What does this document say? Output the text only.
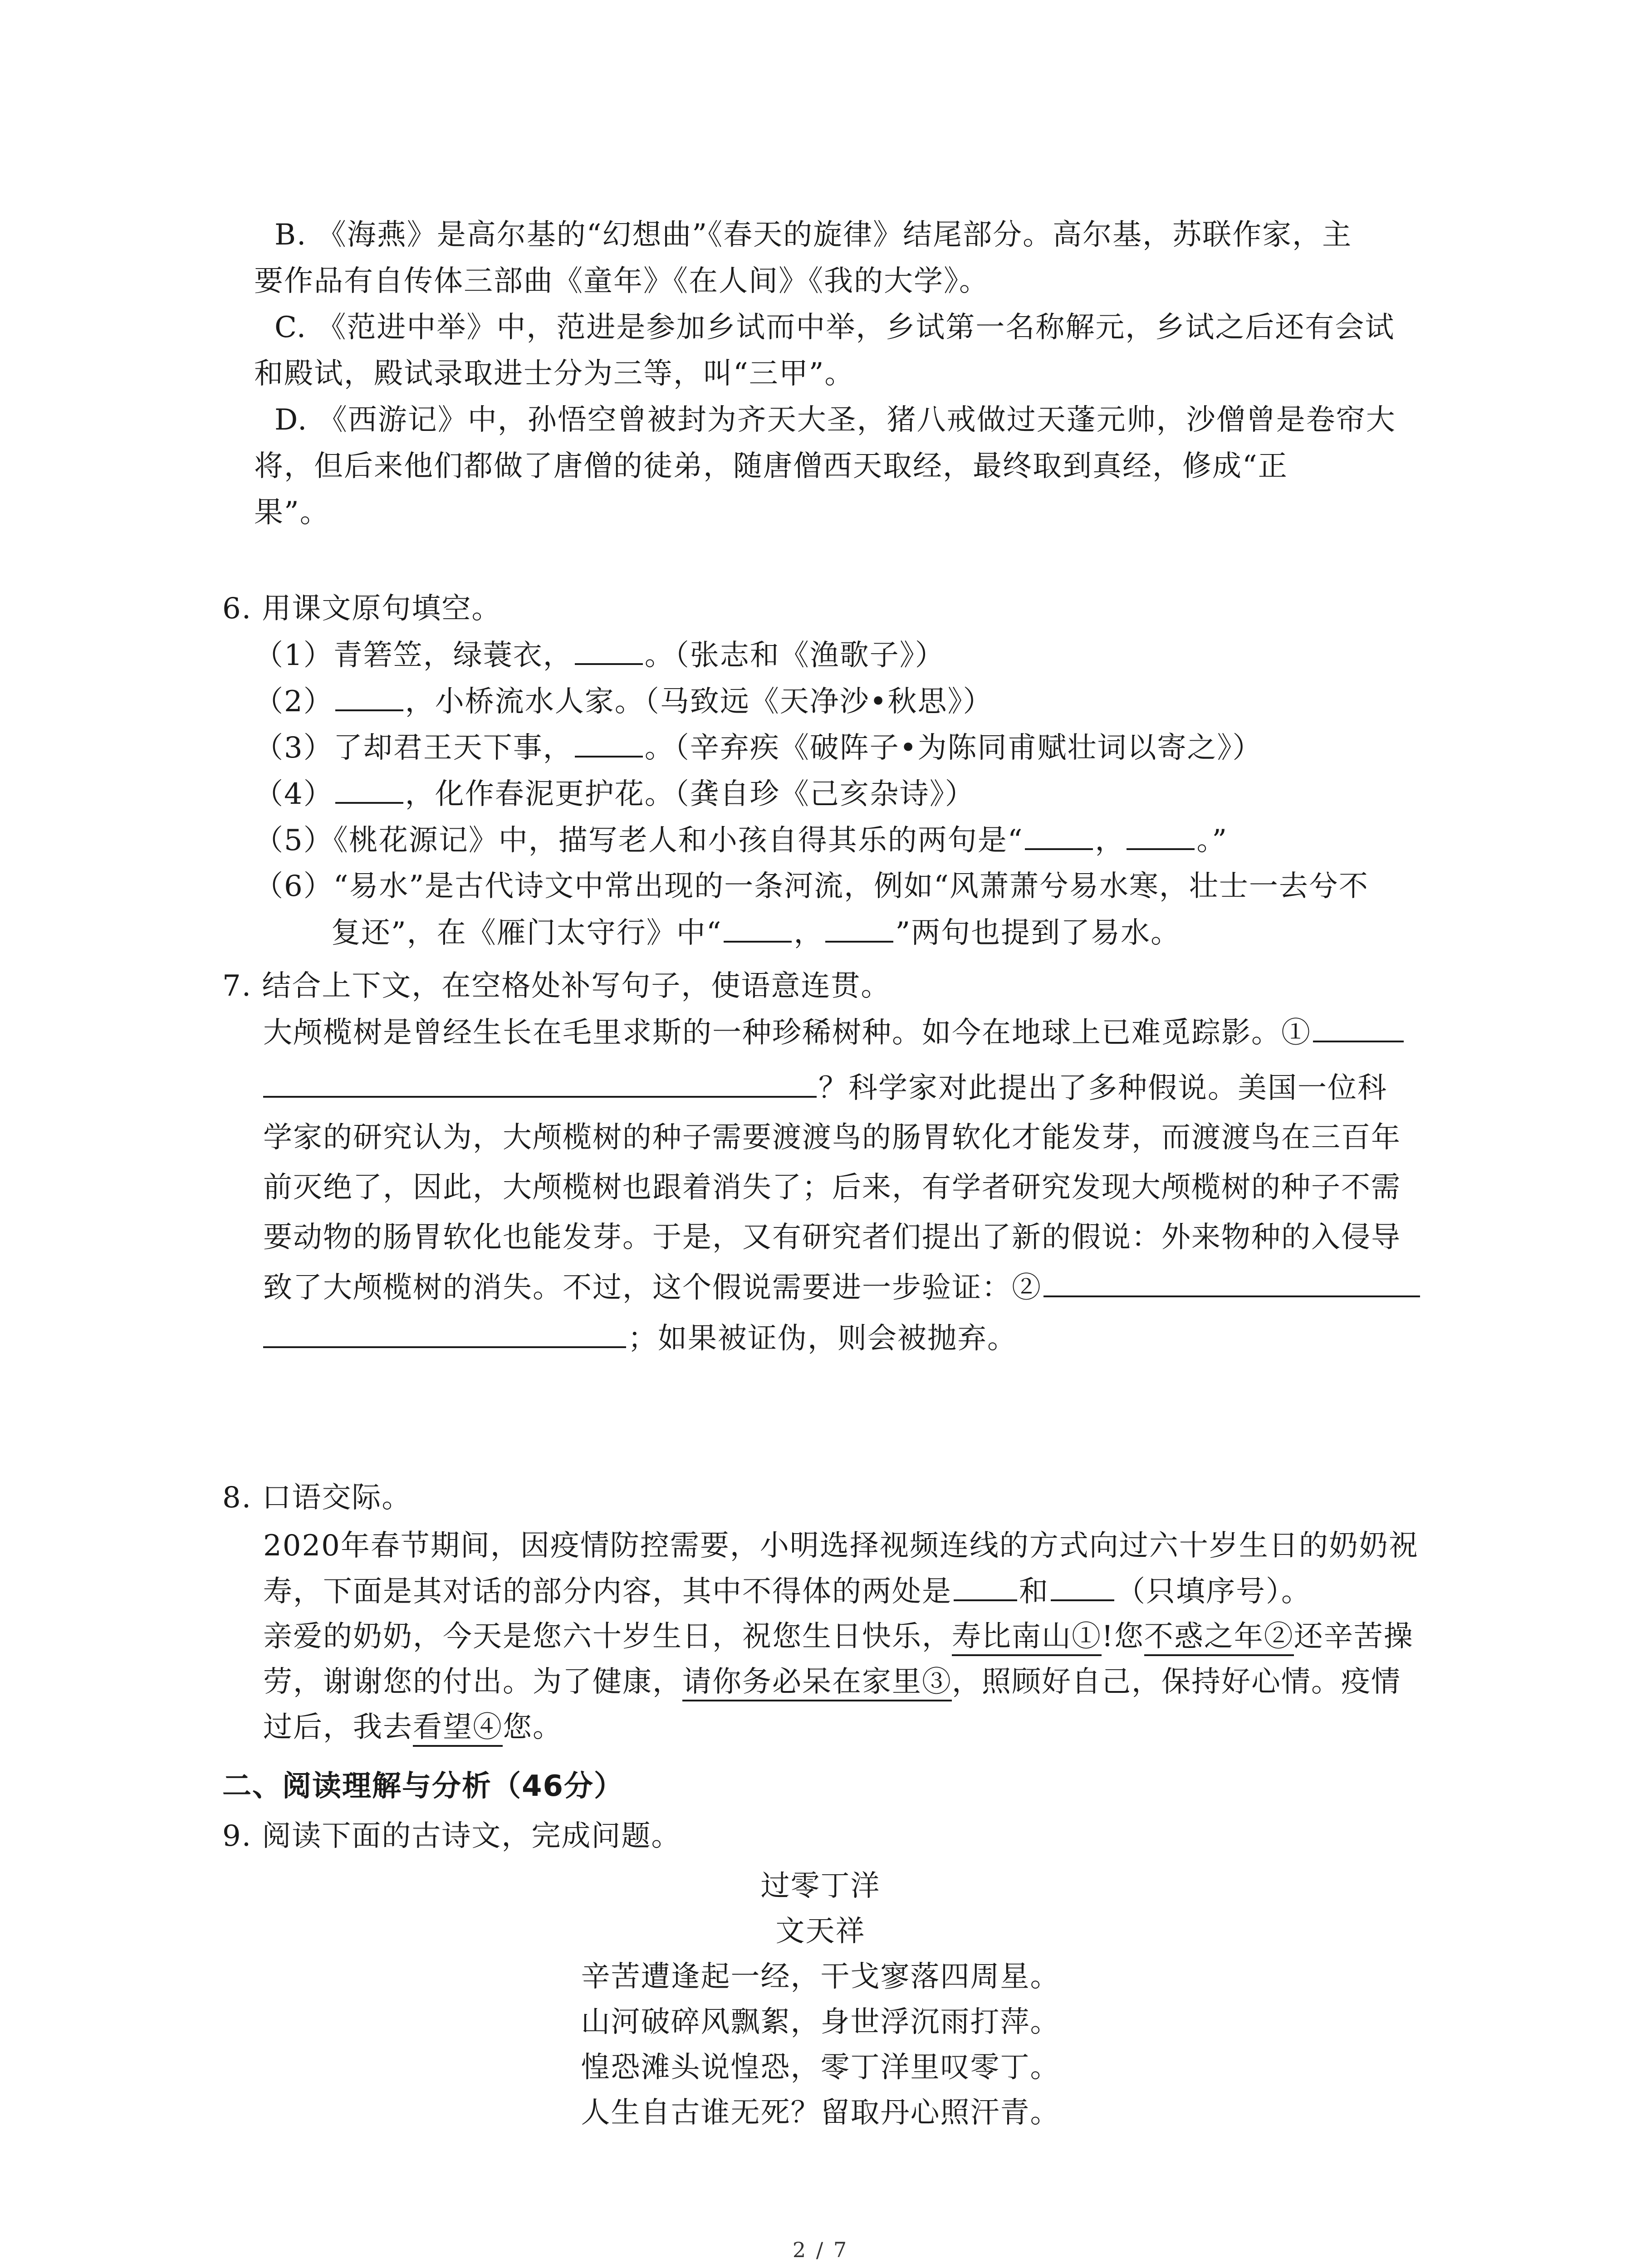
B. 《海燕》是高尔基的“幻想曲”《春天的旋律》结尾部分。高尔基，苏联作家，主
要作品有自传体三部曲《童年》《在人间》《我的大学》。
C. 《范进中举》中，范进是参加乡试而中举，乡试第一名称解元，乡试之后还有会试
和殿试，殿试录取进士分为三等，叫“三甲”。
D. 《西游记》中，孙悟空曾被封为齐天大圣，猪八戒做过天蓬元帅，沙僧曾是卷帘大
将，但后来他们都做了唐僧的徒弟，随唐僧西天取经，最终取到真经，修成“正
果”。
6. 用课文原句填空。
（1）青箬笠，绿蓑衣， 。（张志和《渔歌子》）
（2） ，小桥流水人家。（马致远《天净沙•秋思》）
（3）了却君王天下事， 。（辛弃疾《破阵子•为陈同甫赋壮词以寄之》）
（4） ，化作春泥更护花。（龚自珍《己亥杂诗》）
（5）《桃花源记》中，描写老人和小孩自得其乐的两句是“ ， 。”
（6）“易水”是古代诗文中常出现的一条河流，例如“风萧萧兮易水寒，壮士一去兮不
复还”，在《雁门太守行》中“ ， ”两句也提到了易水。
7. 结合上下文，在空格处补写句子，使语意连贯。
大颅榄树是曾经生长在毛里求斯的一种珍稀树种。如今在地球上已难觅踪影。①
？科学家对此提出了多种假说。美国一位科
学家的研究认为，大颅榄树的种子需要渡渡鸟的肠胃软化才能发芽，而渡渡鸟在三百年
前灭绝了，因此，大颅榄树也跟着消失了；后来，有学者研究发现大颅榄树的种子不需
要动物的肠胃软化也能发芽。于是，又有研究者们提出了新的假说：外来物种的入侵导
致了大颅榄树的消失。不过，这个假说需要进一步验证：②
；如果被证伪，则会被抛弃。
8. 口语交际。
2020年春节期间，因疫情防控需要，小明选择视频连线的方式向过六十岁生日的奶奶祝
寿，下面是其对话的部分内容，其中不得体的两处是 和 （只填序号）。
亲爱的奶奶，今天是您六十岁生日，祝您生日快乐，寿比南山①!您不惑之年②还辛苦操
劳，谢谢您的付出。为了健康，请你务必呆在家里③，照顾好自己，保持好心情。疫情
过后，我去看望④您。
二、阅读理解与分析（46分）
9. 阅读下面的古诗文，完成问题。
过零丁洋
文天祥
辛苦遭逢起一经，干戈寥落四周星。
山河破碎风飘絮，身世浮沉雨打萍。
惶恐滩头说惶恐，零丁洋里叹零丁。
人生自古谁无死？留取丹心照汗青。
2 / 7
